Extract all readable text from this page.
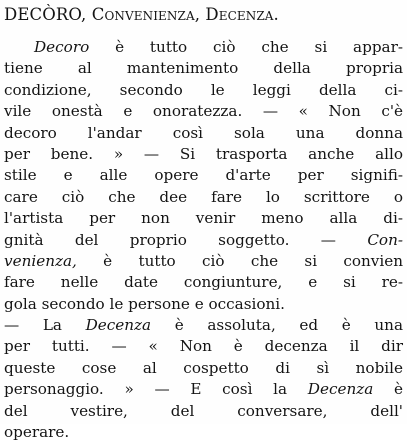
DECÒRO, Convenienza, Decenza.
Decoro è tutto ciò che si appar-
tiene al mantenimento della propria
condizione, secondo le leggi della ci-
vile onestà e onoratezza. — « Non c'è
decoro l'andar così sola una donna
per bene. » — Si trasporta anche allo
stile e alle opere d'arte per signifi-
care ciò che dee fare lo scrittore o
l'artista per non venir meno alla di-
gnità del proprio soggetto. — Con-
venienza, è tutto ciò che si convien
fare nelle date congiunture, e si re-
gola secondo le persone e occasioni.
— La Decenza è assoluta, ed è una
per tutti. — « Non è decenza il dir
queste cose al cospetto di sì nobile
personaggio. » — E così la Decenza è
del vestire, del conversare, dell'
operare.
